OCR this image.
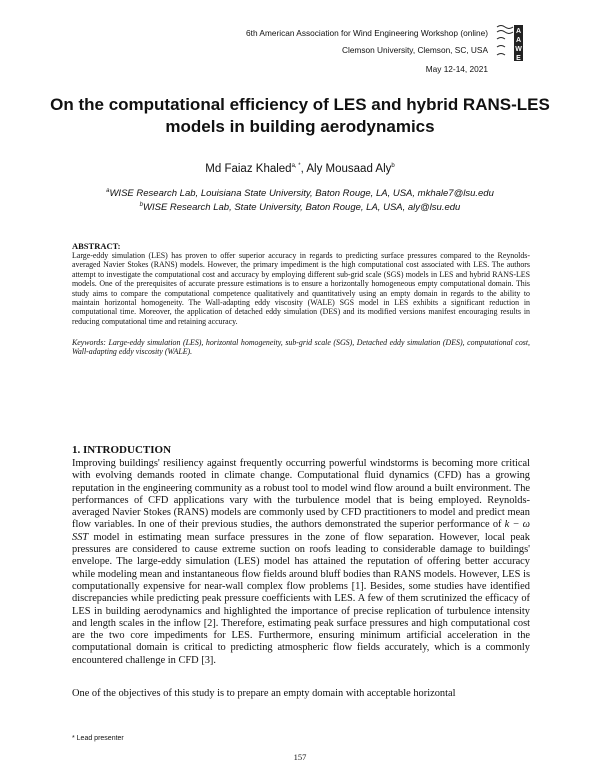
6th American Association for Wind Engineering Workshop (online)
Clemson University, Clemson, SC, USA
May 12-14, 2021
A
A
W
E
On the computational efficiency of LES and hybrid RANS-LES
models in building aerodynamics
Md Faiaz Khaled$^{a, *}$, Aly Mousaad Aly$^b$
$^a$WISE Research Lab, Louisiana State University, Baton Rouge, LA, USA, mkhale7@lsu.edu
$^b$WISE Research Lab, State University, Baton Rouge, LA, USA, aly@lsu.edu
ABSTRACT:
Large-eddy simulation (LES) has proven to offer superior accuracy in regards to predicting surface pressures compared to the Reynolds-averaged Navier Stokes (RANS) models. However, the primary impediment is the high computational cost associated with LES. The authors attempt to investigate the computational cost and accuracy by employing different sub-grid scale (SGS) models in LES and hybrid RANS-LES models. One of the prerequisites of accurate pressure estimations is to ensure a horizontally homogeneous empty computational domain. This study aims to compare the computational competence qualitatively and quantitatively using an empty domain in regards to the ability to maintain horizontal homogeneity. The Wall-adapting eddy viscosity (WALE) SGS model in LES exhibits a significant reduction in computational time. Moreover, the application of detached eddy simulation (DES) and its modified versions manifest encouraging results in reducing computational time and retaining accuracy.
Keywords: Large-eddy simulation (LES), horizontal homogeneity, sub-grid scale (SGS), Detached eddy simulation (DES), computational cost, Wall-adapting eddy viscosity (WALE).
1. INTRODUCTION
Improving buildings' resiliency against frequently occurring powerful windstorms is becoming more critical with evolving demands rooted in climate change. Computational fluid dynamics (CFD) has a growing reputation in the engineering community as a robust tool to model wind flow around a built environment. The performances of CFD applications vary with the turbulence model that is being employed. Reynolds-averaged Navier Stokes (RANS) models are commonly used by CFD practitioners to model and predict mean flow variables. In one of their previous studies, the authors demonstrated the superior performance of k − ω SST model in estimating mean surface pressures in the zone of flow separation. However, local peak pressures are considered to cause extreme suction on roofs leading to considerable damage to buildings' envelope. The large-eddy simulation (LES) model has attained the reputation of offering better accuracy while modeling mean and instantaneous flow fields around bluff bodies than RANS models. However, LES is computationally expensive for near-wall complex flow problems [1]. Besides, some studies have identified discrepancies while predicting peak pressure coefficients with LES. A few of them scrutinized the efficacy of LES in building aerodynamics and highlighted the importance of precise replication of turbulence intensity and length scales in the inflow [2]. Therefore, estimating peak surface pressures and high computational cost are the two core impediments for LES. Furthermore, ensuring minimum artificial acceleration in the computational domain is critical to predicting atmospheric flow fields accurately, which is a commonly encountered challenge in CFD [3].
One of the objectives of this study is to prepare an empty domain with acceptable horizontal
* Lead presenter
157
